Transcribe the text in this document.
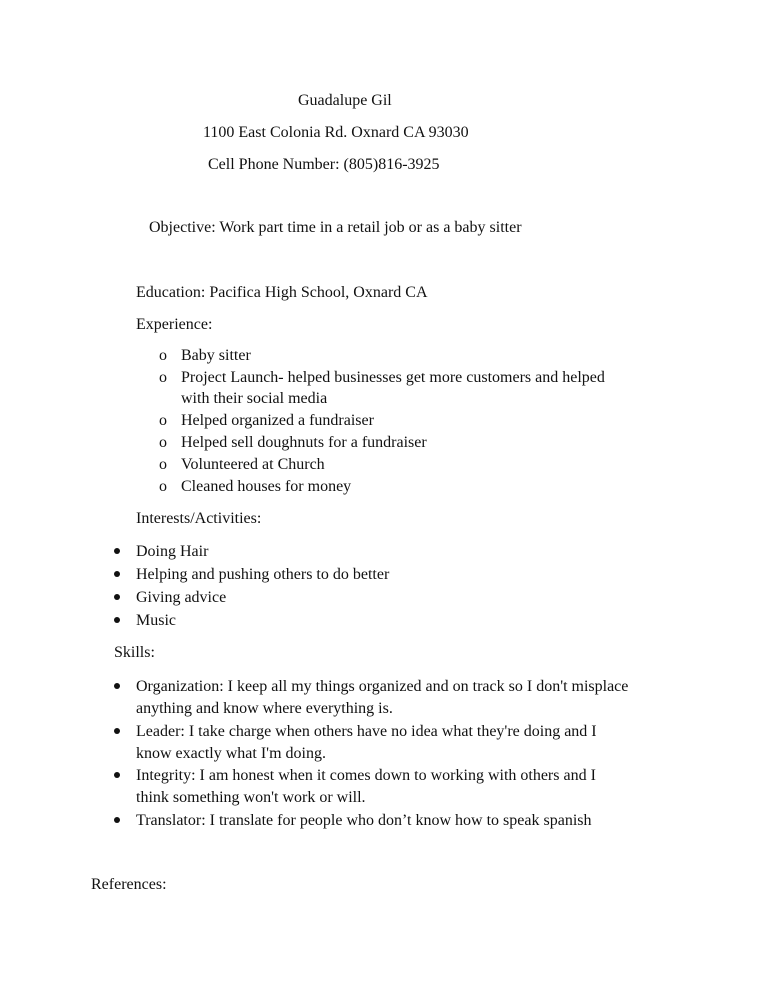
Guadalupe Gil
1100 East Colonia Rd. Oxnard CA 93030
Cell Phone Number: (805)816-3925
Objective: Work part time in a retail job or as a baby sitter
Education: Pacifica High School, Oxnard CA
Experience:
o Baby sitter
o Project Launch- helped businesses get more customers and helped
with their social media
o Helped organized a fundraiser
o Helped sell doughnuts for a fundraiser
o Volunteered at Church
o Cleaned houses for money
Interests/Activities:
Doing Hair
Helping and pushing others to do better
Giving advice
Music
Skills:
Organization: I keep all my things organized and on track so I don't misplace
anything and know where everything is.
Leader: I take charge when others have no idea what they're doing and I
know exactly what I'm doing.
Integrity: I am honest when it comes down to working with others and I
think something won't work or will.
Translator: I translate for people who don’t know how to speak spanish
References:
